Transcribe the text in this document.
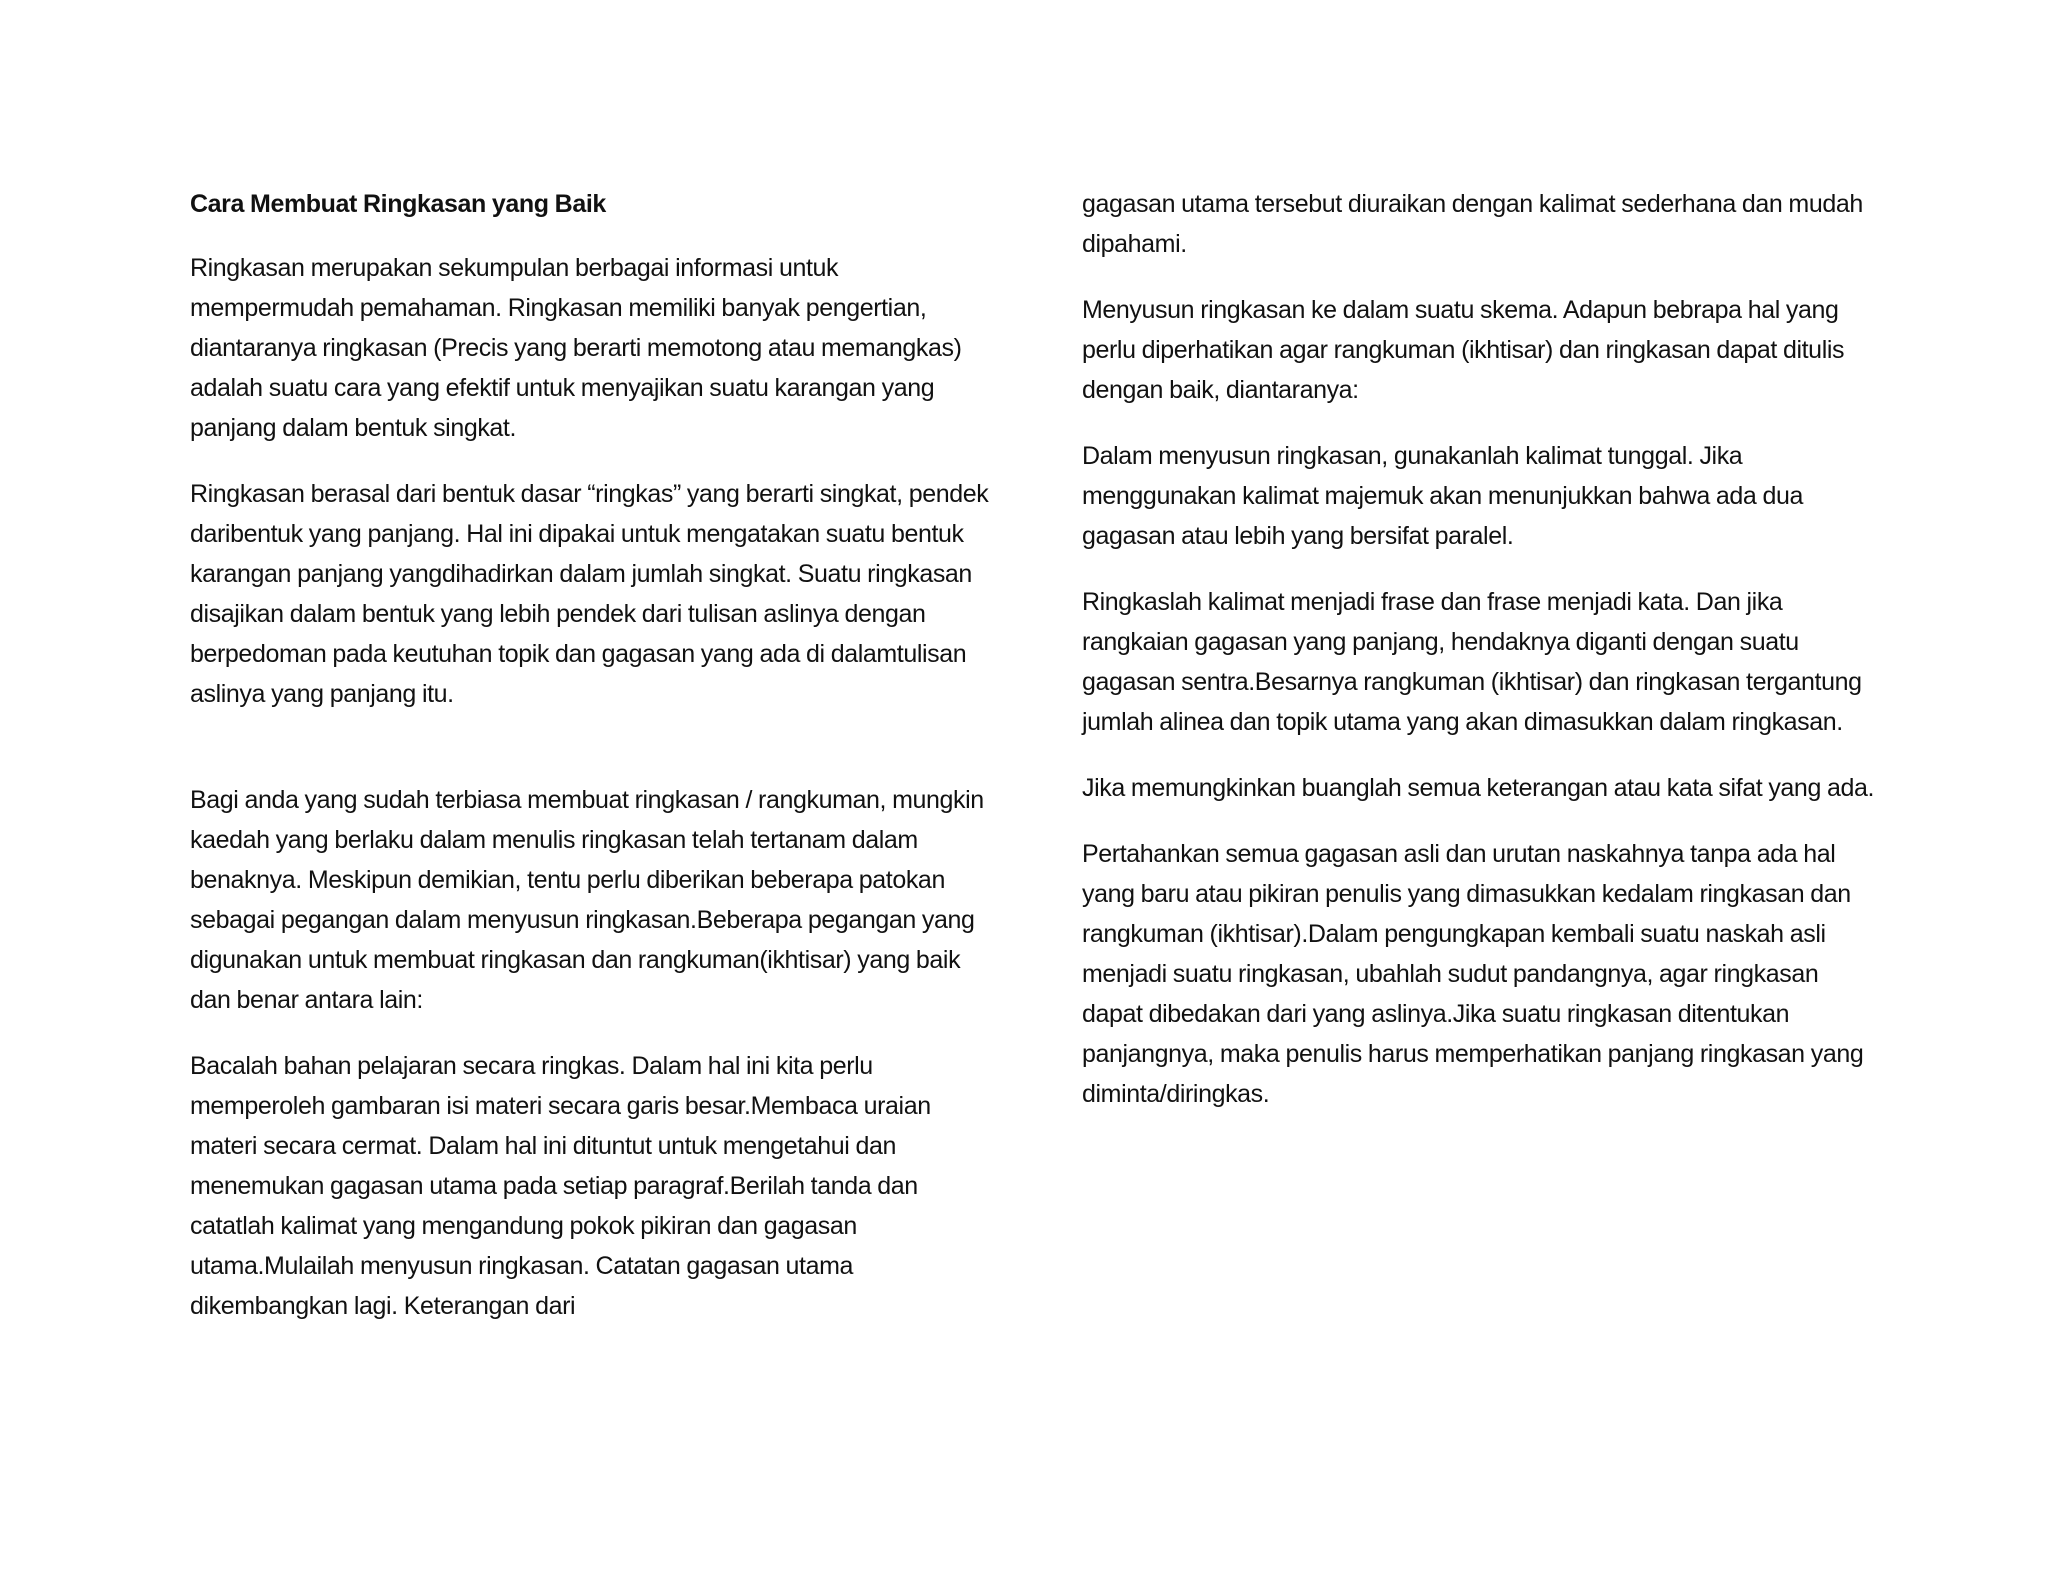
Cara Membuat Ringkasan yang Baik

Ringkasan merupakan sekumpulan berbagai informasi untuk mempermudah pemahaman. Ringkasan memiliki banyak pengertian, diantaranya ringkasan (Precis yang berarti memotong atau memangkas) adalah suatu cara yang efektif untuk menyajikan suatu karangan yang panjang dalam bentuk singkat.

Ringkasan berasal dari bentuk dasar “ringkas” yang berarti singkat, pendek daribentuk yang panjang. Hal ini dipakai untuk mengatakan suatu bentuk karangan panjang yangdihadirkan dalam jumlah singkat. Suatu ringkasan disajikan dalam bentuk yang lebih pendek dari tulisan aslinya dengan berpedoman pada keutuhan topik dan gagasan yang ada di dalamtulisan aslinya yang panjang itu.

Bagi anda yang sudah terbiasa membuat ringkasan / rangkuman, mungkin kaedah yang berlaku dalam menulis ringkasan telah tertanam dalam benaknya. Meskipun demikian, tentu perlu diberikan beberapa patokan sebagai pegangan dalam menyusun ringkasan.Beberapa pegangan yang digunakan untuk membuat ringkasan dan rangkuman(ikhtisar) yang baik dan benar antara lain:

Bacalah bahan pelajaran secara ringkas. Dalam hal ini kita perlu memperoleh gambaran isi materi secara garis besar.Membaca uraian materi secara cermat. Dalam hal ini dituntut untuk mengetahui dan menemukan gagasan utama pada setiap paragraf.Berilah tanda dan catatlah kalimat yang mengandung pokok pikiran dan gagasan utama.Mulailah menyusun ringkasan. Catatan gagasan utama dikembangkan lagi. Keterangan dari

gagasan utama tersebut diuraikan dengan kalimat sederhana dan mudah dipahami.

Menyusun ringkasan ke dalam suatu skema. Adapun bebrapa hal yang perlu diperhatikan agar rangkuman (ikhtisar) dan ringkasan dapat ditulis dengan baik, diantaranya:

Dalam menyusun ringkasan, gunakanlah kalimat tunggal. Jika menggunakan kalimat majemuk akan menunjukkan bahwa ada dua gagasan atau lebih yang bersifat paralel.

Ringkaslah kalimat menjadi frase dan frase menjadi kata. Dan jika rangkaian gagasan yang panjang, hendaknya diganti dengan suatu gagasan sentra.Besarnya rangkuman (ikhtisar) dan ringkasan tergantung jumlah alinea dan topik utama yang akan dimasukkan dalam ringkasan.

Jika memungkinkan buanglah semua keterangan atau kata sifat yang ada.

Pertahankan semua gagasan asli dan urutan naskahnya tanpa ada hal yang baru atau pikiran penulis yang dimasukkan kedalam ringkasan dan rangkuman (ikhtisar).Dalam pengungkapan kembali suatu naskah asli menjadi suatu ringkasan, ubahlah sudut pandangnya, agar ringkasan dapat dibedakan dari yang aslinya.Jika suatu ringkasan ditentukan panjangnya, maka penulis harus memperhatikan panjang ringkasan yang diminta/diringkas.
